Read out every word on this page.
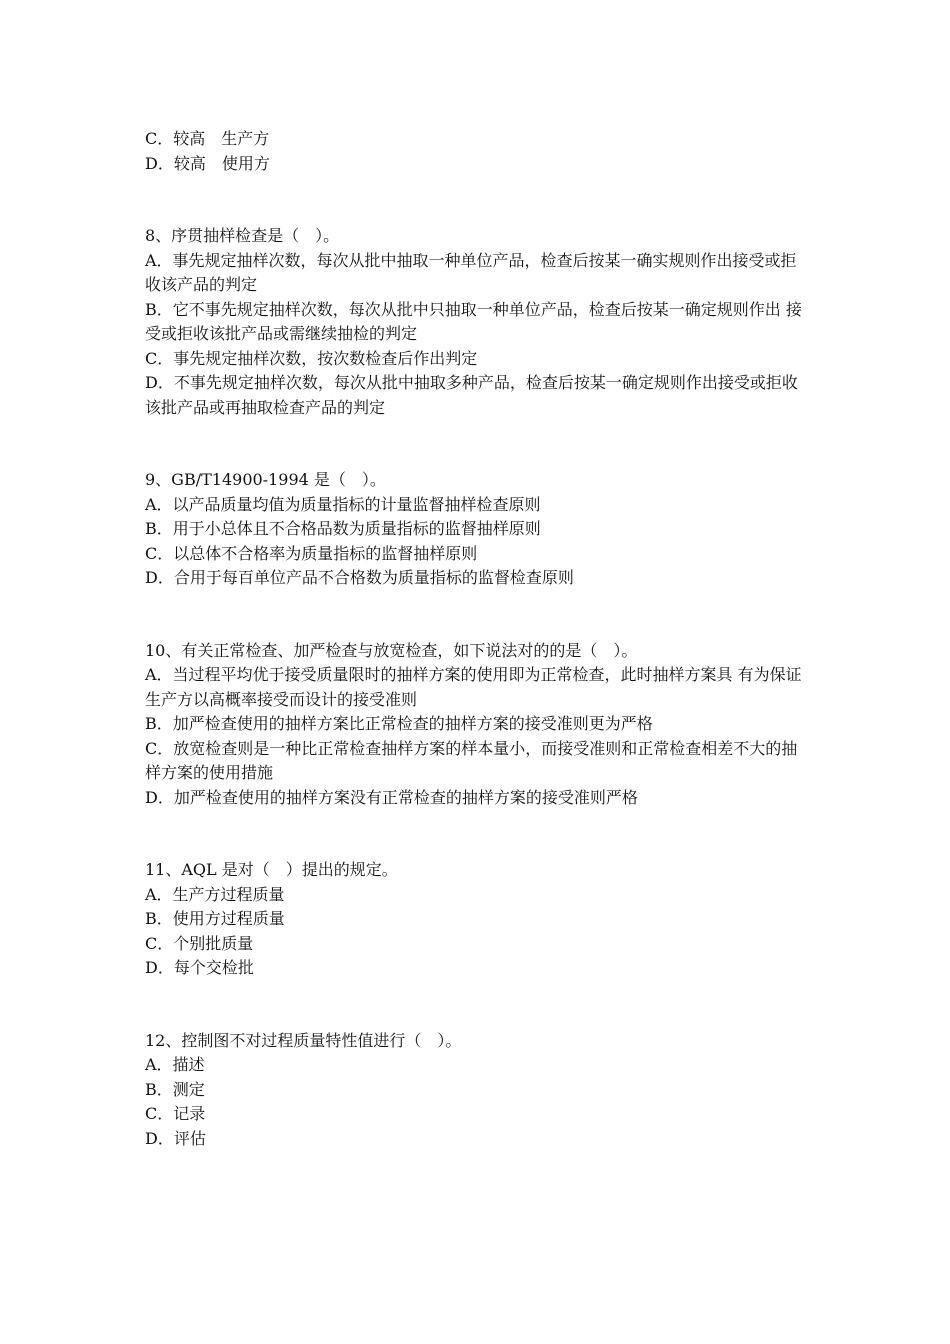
C．较高　生产方
D．较高　使用方
8、序贯抽样检查是（　）。
A．事先规定抽样次数，每次从批中抽取一种单位产品，检查后按某一确实规则作出接受或拒收该产品的判定
B．它不事先规定抽样次数，每次从批中只抽取一种单位产品，检查后按某一确定规则作出 接受或拒收该批产品或需继续抽检的判定
C．事先规定抽样次数，按次数检查后作出判定
D．不事先规定抽样次数，每次从批中抽取多种产品，检查后按某一确定规则作出接受或拒收该批产品或再抽取检查产品的判定
9、GB/T14900-1994 是（　）。
A．以产品质量均值为质量指标的计量监督抽样检查原则
B．用于小总体且不合格品数为质量指标的监督抽样原则
C．以总体不合格率为质量指标的监督抽样原则
D．合用于每百单位产品不合格数为质量指标的监督检查原则
10、有关正常检查、加严检查与放宽检查，如下说法对的的是（　）。
A．当过程平均优于接受质量限时的抽样方案的使用即为正常检查，此时抽样方案具 有为保证生产方以高概率接受而设计的接受准则
B．加严检查使用的抽样方案比正常检查的抽样方案的接受准则更为严格
C．放宽检查则是一种比正常检查抽样方案的样本量小，而接受准则和正常检查相差不大的抽样方案的使用措施
D．加严检查使用的抽样方案没有正常检查的抽样方案的接受准则严格
11、AQL 是对（　）提出的规定。
A．生产方过程质量
B．使用方过程质量
C．个别批质量
D．每个交检批
12、控制图不对过程质量特性值进行（　）。
A．描述
B．测定
C．记录
D．评估
